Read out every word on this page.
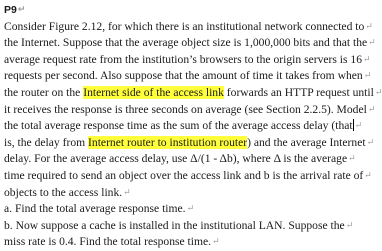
P9↵
Consider Figure 2.12, for which there is an institutional network connected to↵
the Internet. Suppose that the average object size is 1,000,000 bits and that the↵
average request rate from the institution’s browsers to the origin servers is 16↵
requests per second. Also suppose that the amount of time it takes from when↵
the router on the Internet side of the access link forwards an HTTP request until↵
it receives the response is three seconds on average (see Section 2.2.5). Model↵
the total average response time as the sum of the average access delay (that ↵
is, the delay from Internet router to institution router) and the average Internet↵
delay. For the average access delay, use Δ/(1 - Δb), where Δ is the average↵
time required to send an object over the access link and b is the arrival rate of↵
objects to the access link.↵
a. Find the total average response time.↵
b. Now suppose a cache is installed in the institutional LAN. Suppose the↵
miss rate is 0.4. Find the total response time.↵
